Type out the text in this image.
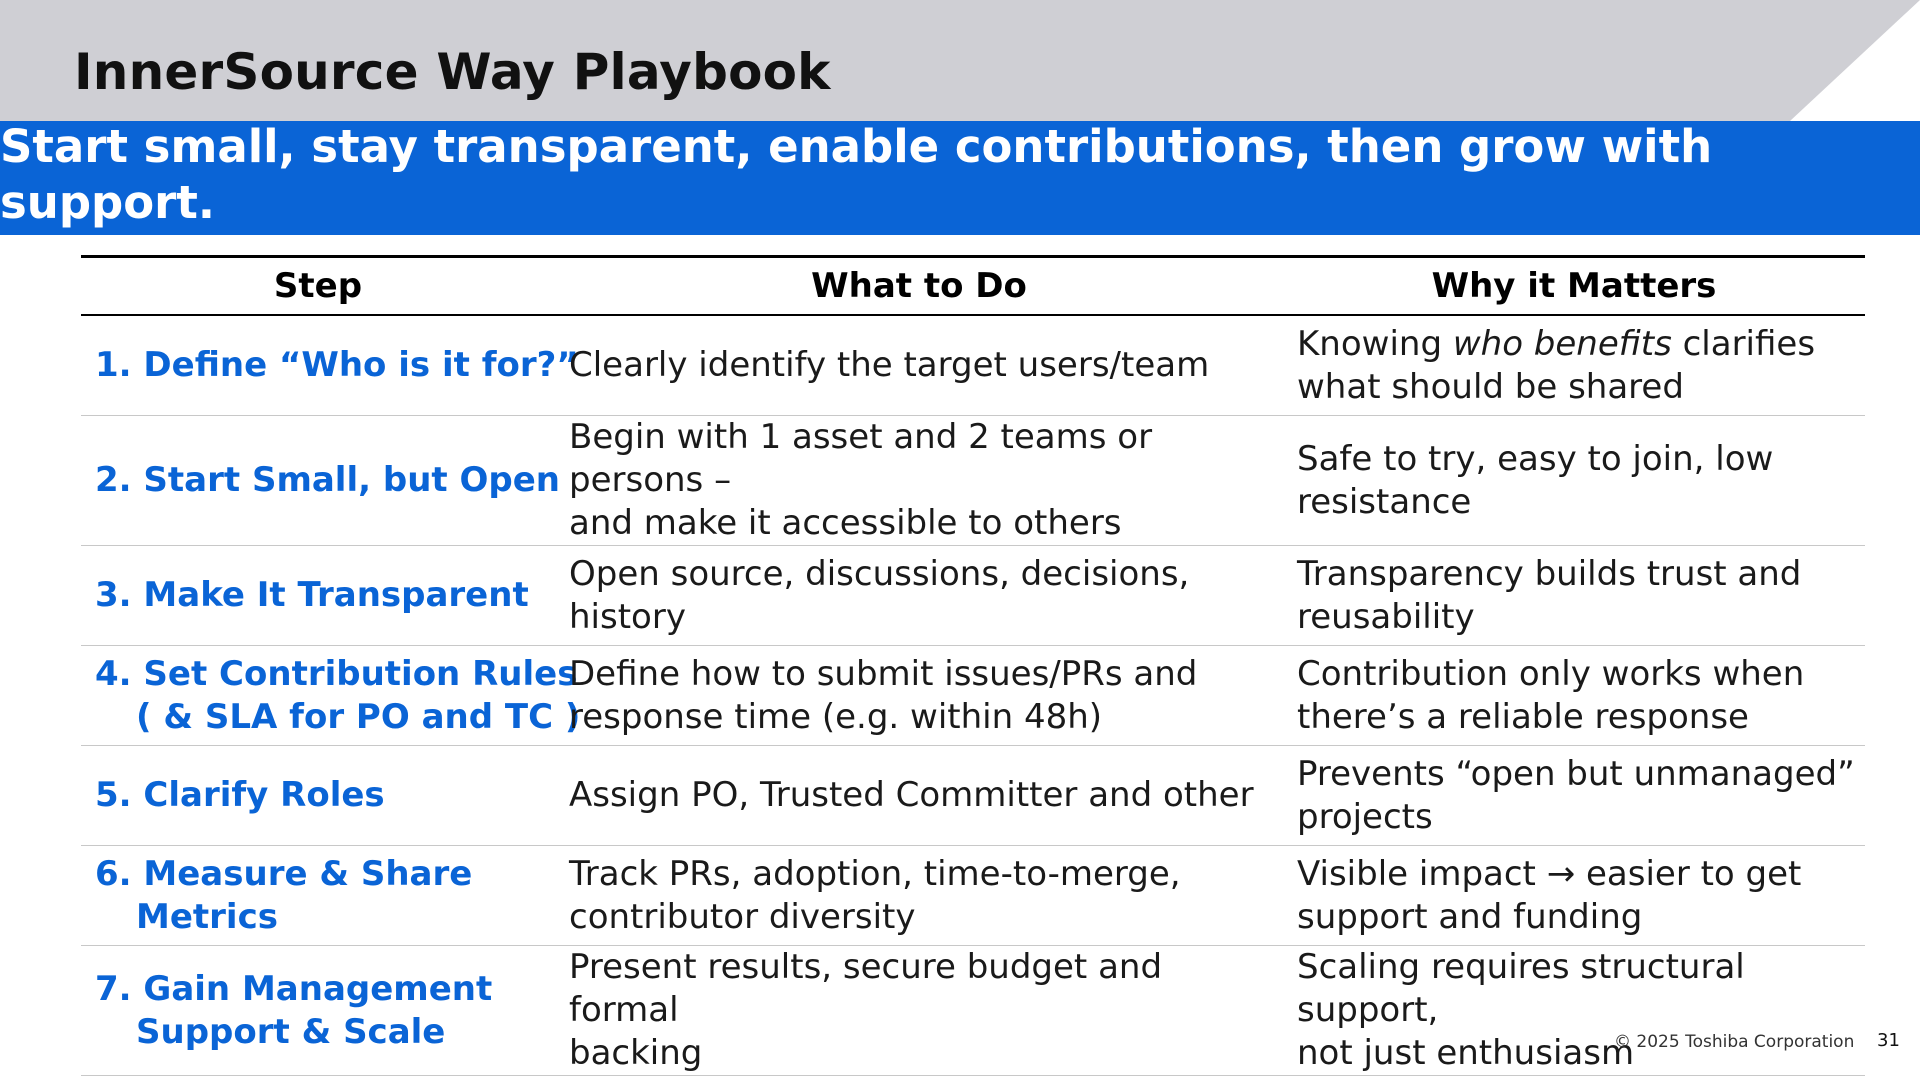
InnerSource Way Playbook
Start small, stay transparent, enable contributions, then grow with support.
Step	What to Do	Why it Matters

1. Define “Who is it for?”	Clearly identify the target users/team	Knowing who benefits clarifies
what should be shared

2. Start Small, but Open	Begin with 1 asset and 2 teams or persons –
and make it accessible to others	Safe to try, easy to join, low
resistance

3. Make It Transparent	Open source, discussions, decisions, history	Transparency builds trust and
reusability

4. Set Contribution Rules
( & SLA for PO and TC )	Define how to submit issues/PRs and
response time (e.g. within 48h)	Contribution only works when
there’s a reliable response

5. Clarify Roles	Assign PO, Trusted Committer and other	Prevents “open but unmanaged”
projects

6. Measure & Share
Metrics	Track PRs, adoption, time-to-merge,
contributor diversity	Visible impact → easier to get
support and funding

7. Gain Management
Support & Scale	Present results, secure budget and formal
backing	Scaling requires structural support,
not just enthusiasm
© 2025 Toshiba Corporation 31
